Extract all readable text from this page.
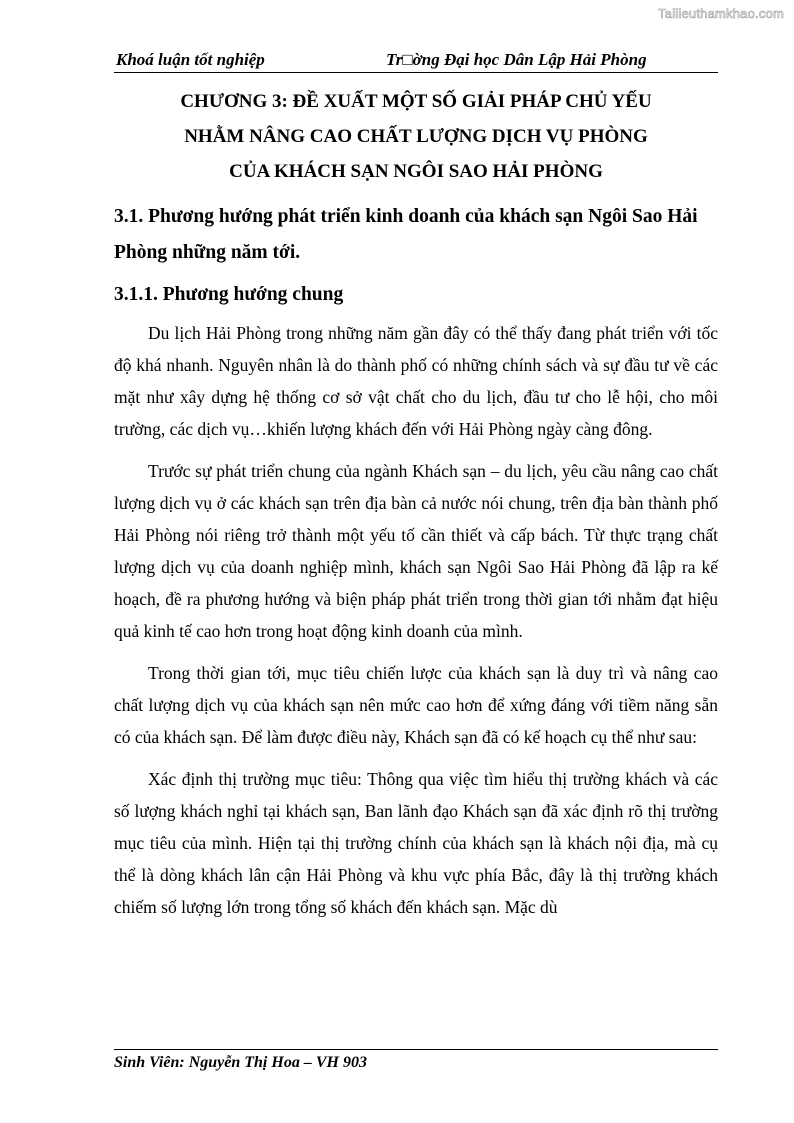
Tailieuthamkhao.com
Khoá luận tốt nghiệp	Tr□ờng Đại học Dân Lập Hải Phòng

CHƯƠNG 3: ĐỀ XUẤT MỘT SỐ GIẢI PHÁP CHỦ YẾU

NHẰM NÂNG CAO CHẤT LƯỢNG DỊCH VỤ PHÒNG

CỦA KHÁCH SẠN NGÔI SAO HẢI PHÒNG

3.1. Phương hướng phát triển kinh doanh của khách sạn Ngôi Sao Hải Phòng những năm tới.

3.1.1. Phương hướng chung

Du lịch Hải Phòng trong những năm gần đây có thể thấy đang phát triển với tốc độ khá nhanh. Nguyên nhân là do thành phố có những chính sách và sự đầu tư về các mặt như xây dựng hệ thống cơ sở vật chất cho du lịch, đầu tư cho lễ hội, cho môi trường, các dịch vụ…khiến lượng khách đến với Hải Phòng ngày càng đông.

Trước sự phát triển chung của ngành Khách sạn – du lịch, yêu cầu nâng cao chất lượng dịch vụ ở các khách sạn trên địa bàn cả nước nói chung, trên địa bàn thành phố Hải Phòng nói riêng trở thành một yếu tố cần thiết và cấp bách. Từ thực trạng chất lượng dịch vụ của doanh nghiệp mình, khách sạn Ngôi Sao Hải Phòng đã lập ra kế hoạch, đề ra phương hướng và biện pháp phát triển trong thời gian tới nhằm đạt hiệu quả kinh tế cao hơn trong hoạt động kinh doanh của mình.

Trong thời gian tới, mục tiêu chiến lược của khách sạn là duy trì và nâng cao chất lượng dịch vụ của khách sạn nên mức cao hơn để xứng đáng với tiềm năng sẵn có của khách sạn. Để làm được điều này, Khách sạn đã có kế hoạch cụ thể như sau:

Xác định thị trường mục tiêu: Thông qua việc tìm hiểu thị trường khách và các số lượng khách nghỉ tại khách sạn, Ban lãnh đạo Khách sạn đã xác định rõ thị trường mục tiêu của mình. Hiện tại thị trường chính của khách sạn là khách nội địa, mà cụ thể là dòng khách lân cận Hải Phòng và khu vực phía Bắc, đây là thị trường khách chiếm số lượng lớn trong tổng số khách đến khách sạn. Mặc dù

Sinh Viên: Nguyễn Thị Hoa – VH 903
